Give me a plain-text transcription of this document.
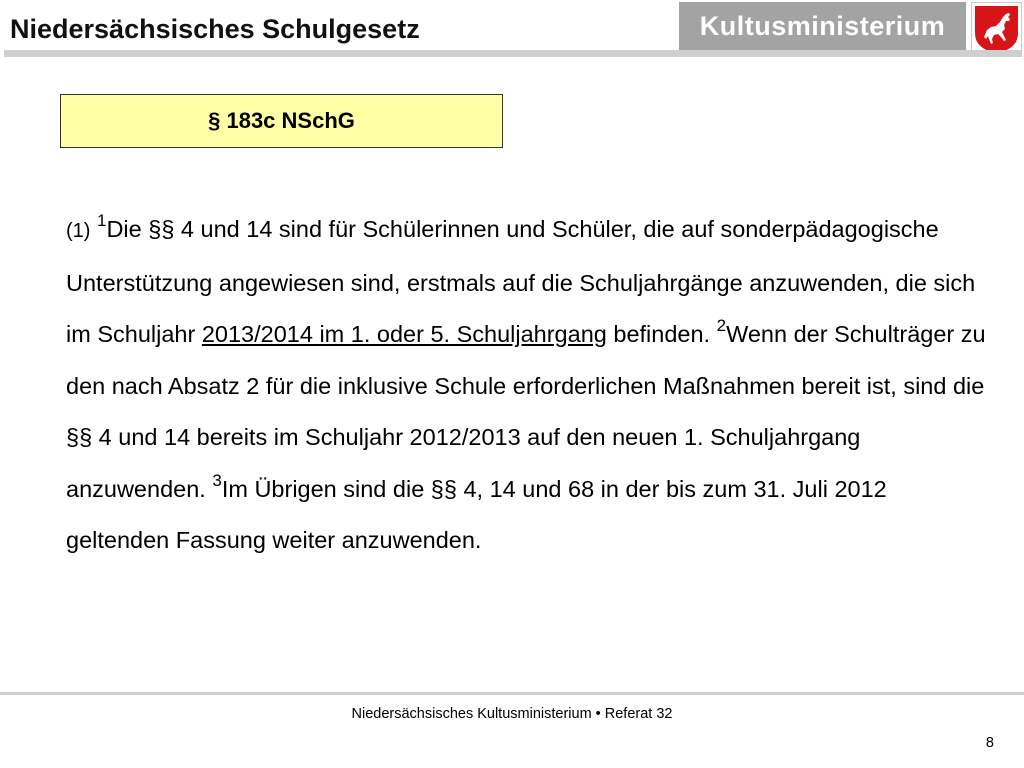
Niedersächsisches Schulgesetz	Kultusministerium
§ 183c NSchG

(1) $^1$Die §§ 4 und 14 sind für Schülerinnen und Schüler, die auf sonderpädagogische Unterstützung angewiesen sind, erstmals auf die Schuljahrgänge anzuwenden, die sich im Schuljahr 2013/2014 im 1. oder 5. Schuljahrgang befinden. $^2$Wenn der Schulträger zu den nach Absatz 2 für die inklusive Schule erforderlichen Maßnahmen bereit ist, sind die §§ 4 und 14 bereits im Schuljahr 2012/2013 auf den neuen 1. Schuljahrgang anzuwenden. $^3$Im Übrigen sind die §§ 4, 14 und 68 in der bis zum 31. Juli 2012 geltenden Fassung weiter anzuwenden.

Niedersächsisches Kultusministerium • Referat 32
8
